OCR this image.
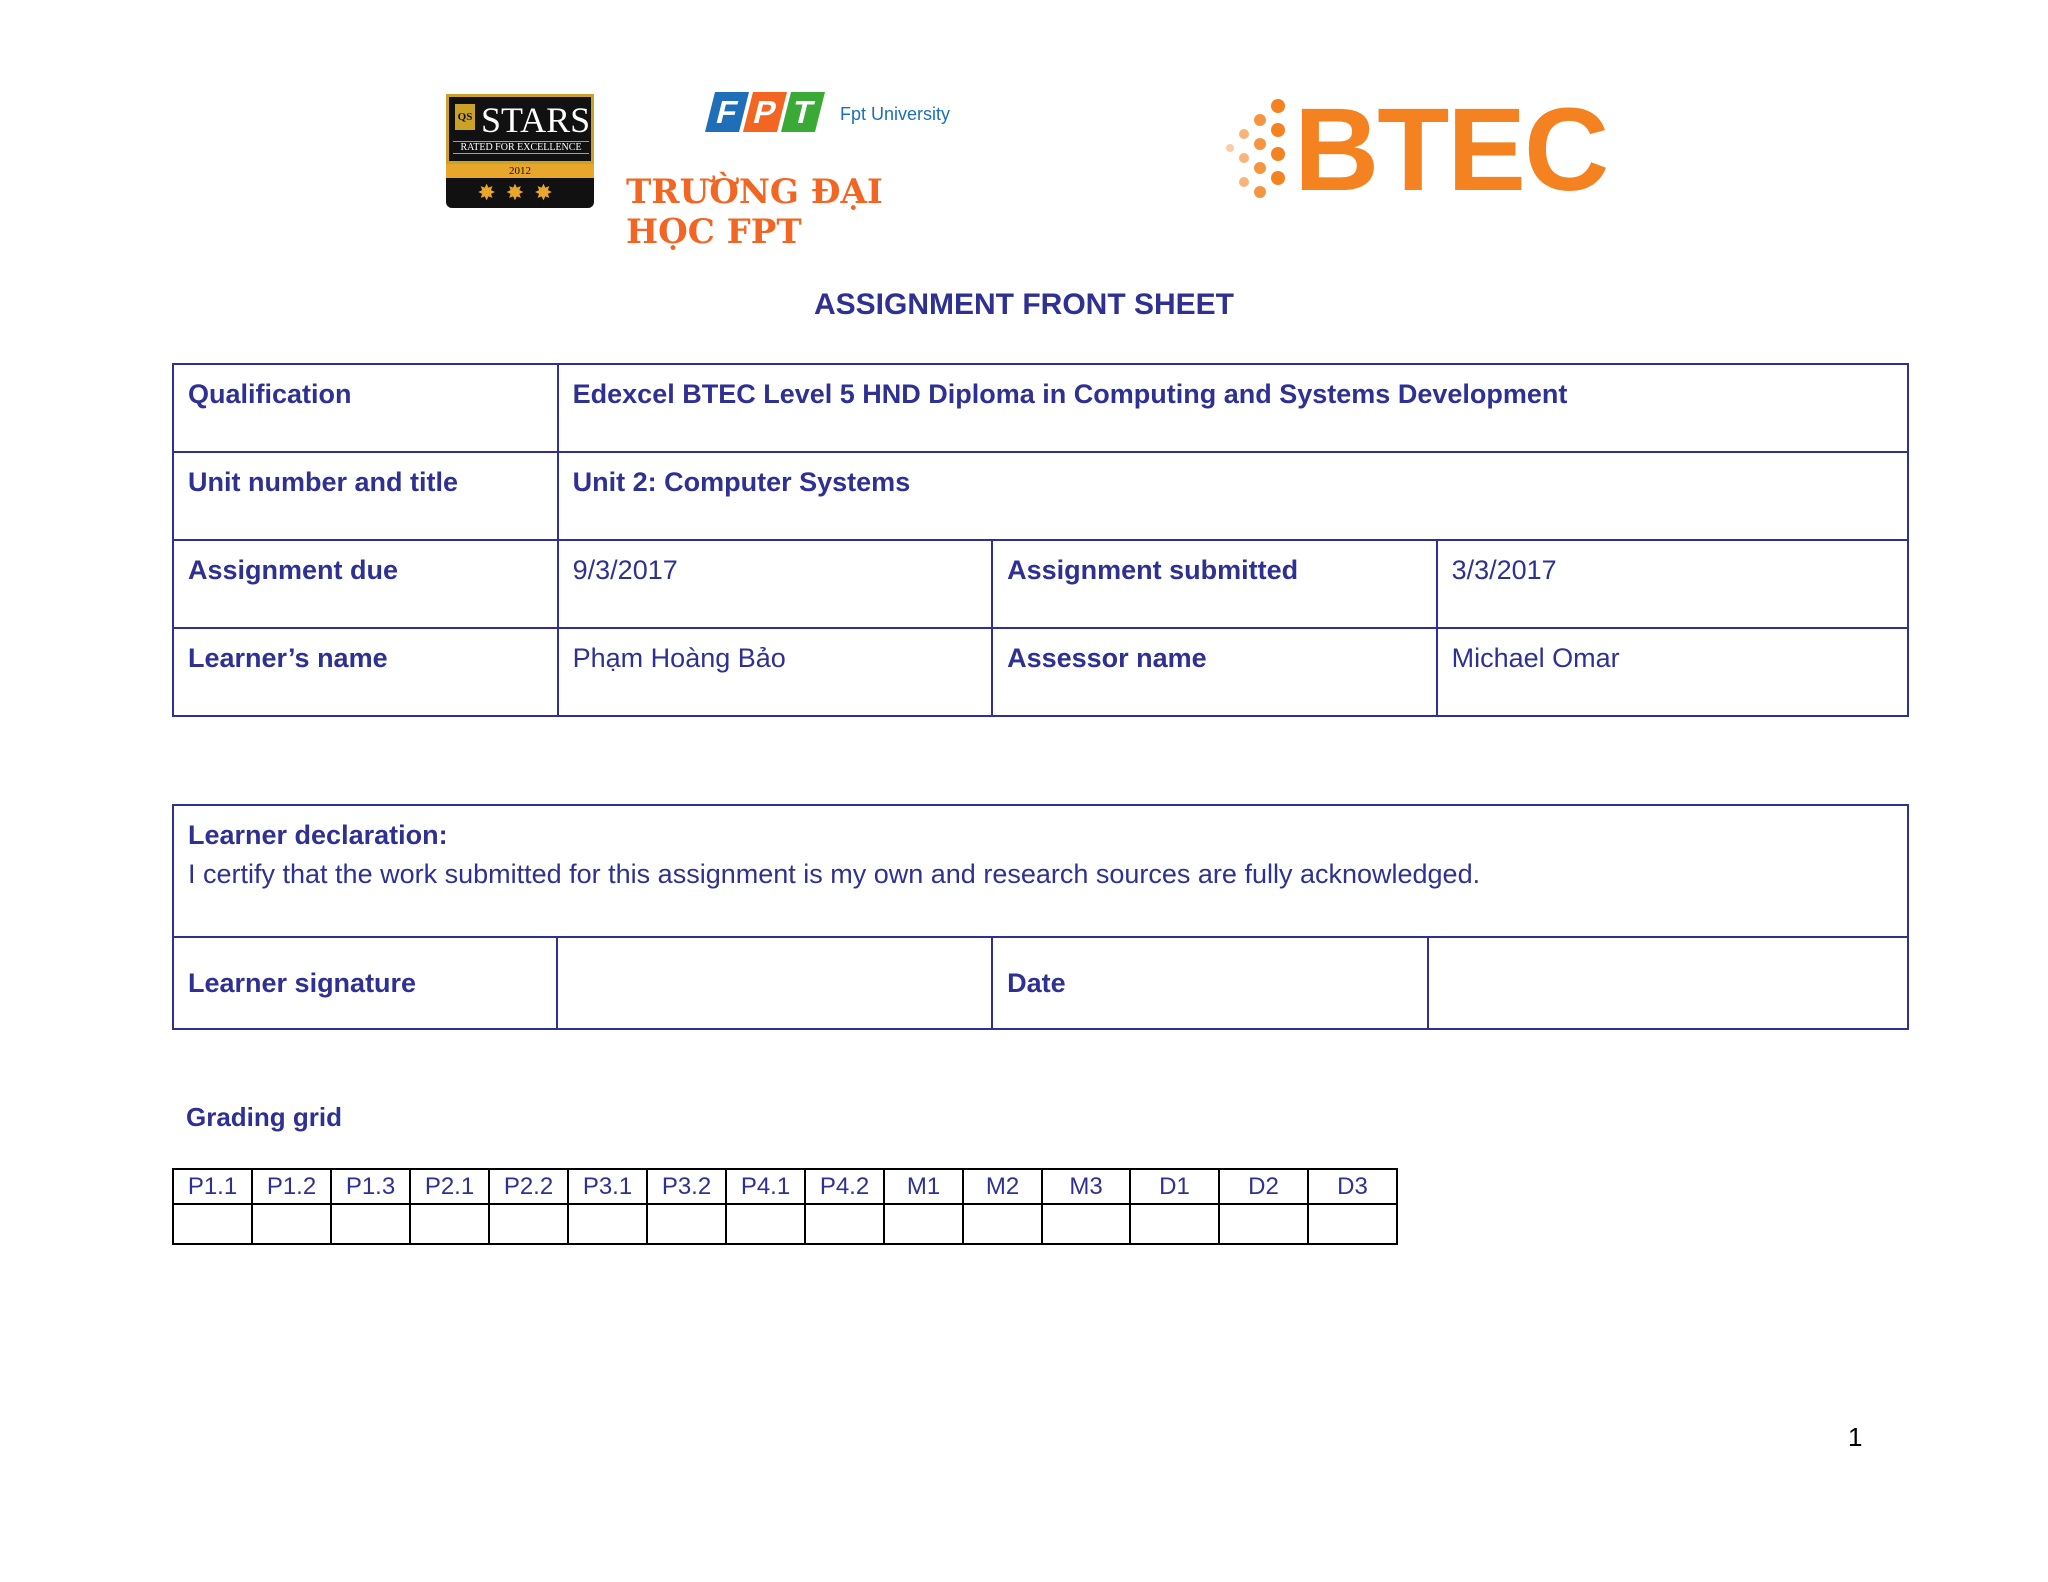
QS STARS
RATED FOR EXCELLENCE
2012
✸✸✸
F P T	Fpt University
TRƯỜNG ĐẠI HỌC FPT
BTEC
ASSIGNMENT FRONT SHEET
Qualification	Edexcel BTEC Level 5 HND Diploma in Computing and Systems Development		
Unit number and title	Unit 2: Computer Systems		
Assignment due	9/3/2017	Assignment submitted	3/3/2017
Learner’s name	Phạm Hoàng Bảo	Assessor name	Michael Omar
Learner declaration:
I certify that the work submitted for this assignment is my own and research sources are fully acknowledged.

Learner signature		Date	
Grading grid
P1.1	P1.2	P1.3	P2.1	P2.2	P3.1	P3.2	P4.1	P4.2	M1	M2	M3	D1	D2	D3

1
